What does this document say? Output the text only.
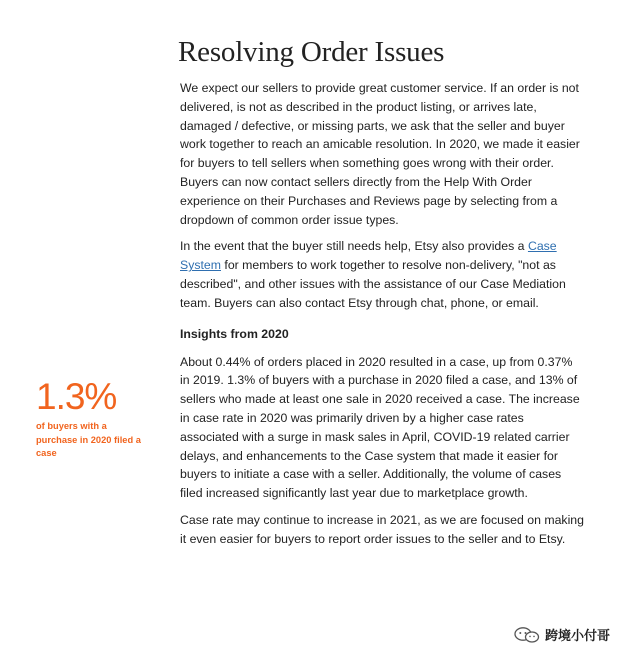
Resolving Order Issues

We expect our sellers to provide great customer service. If an order is not delivered, is not as described in the product listing, or arrives late, damaged / defective, or missing parts, we ask that the seller and buyer work together to reach an amicable resolution. In 2020, we made it easier for buyers to tell sellers when something goes wrong with their order. Buyers can now contact sellers directly from the Help With Order experience on their Purchases and Reviews page by selecting from a dropdown of common order issue types.

In the event that the buyer still needs help, Etsy also provides a Case System for members to work together to resolve non-delivery, "not as described", and other issues with the assistance of our Case Mediation team. Buyers can also contact Etsy through chat, phone, or email.

Insights from 2020

About 0.44% of orders placed in 2020 resulted in a case, up from 0.37% in 2019. 1.3% of buyers with a purchase in 2020 filed a case, and 13% of sellers who made at least one sale in 2020 received a case. The increase in case rate in 2020 was primarily driven by a higher case rates associated with a surge in mask sales in April, COVID-19 related carrier delays, and enhancements to the Case system that made it easier for buyers to initiate a case with a seller. Additionally, the volume of cases filed increased significantly last year due to marketplace growth.

Case rate may continue to increase in 2021, as we are focused on making it even easier for buyers to report order issues to the seller and to Etsy.

1.3%
of buyers with a purchase in 2020 filed a case
跨境小付哥
